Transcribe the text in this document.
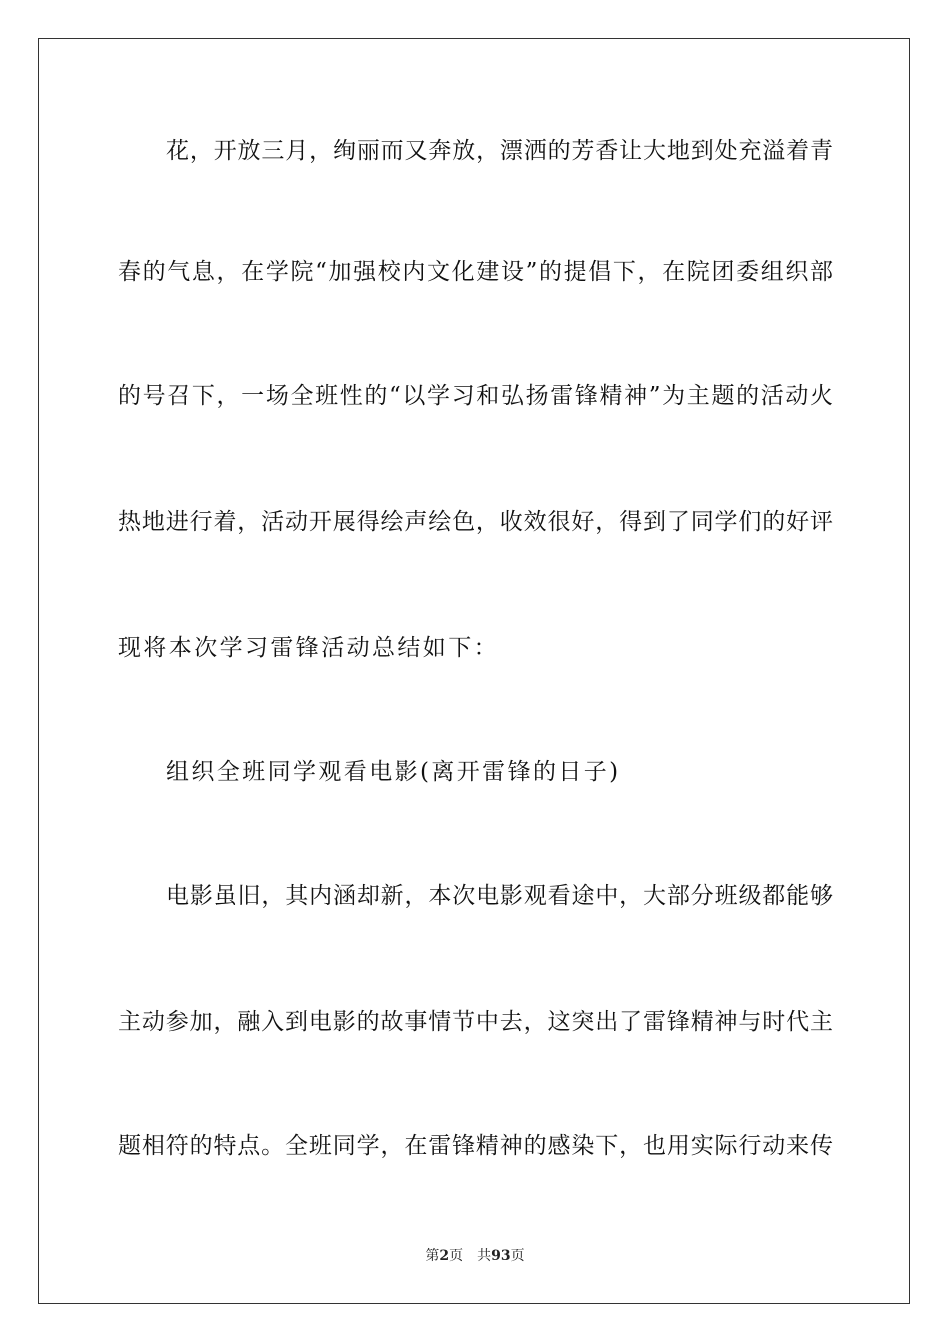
花，开放三月，绚丽而又奔放，漂洒的芳香让大地到处充溢着青
春的气息，在学院“加强校内文化建设”的提倡下，在院团委组织部
的号召下，一场全班性的“以学习和弘扬雷锋精神”为主题的活动火
热地进行着，活动开展得绘声绘色，收效很好，得到了同学们的好评
现将本次学习雷锋活动总结如下：
组织全班同学观看电影(离开雷锋的日子)
电影虽旧，其内涵却新，本次电影观看途中，大部分班级都能够
主动参加，融入到电影的故事情节中去，这突出了雷锋精神与时代主
题相符的特点。全班同学，在雷锋精神的感染下，也用实际行动来传
第2页 共93页
